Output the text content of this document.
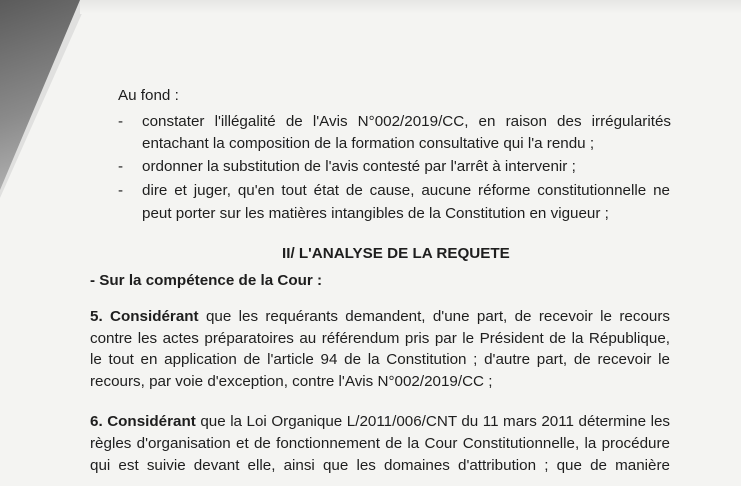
Au fond :
- constater l'illégalité de l'Avis N°002/2019/CC, en raison des irrégularités
entachant la composition de la formation consultative qui l'a rendu ;
- ordonner la substitution de l'avis contesté par l'arrêt à intervenir ;
- dire et juger, qu'en tout état de cause, aucune réforme constitutionnelle ne
peut porter sur les matières intangibles de la Constitution en vigueur ;
II/ L'ANALYSE DE LA REQUETE
- Sur la compétence de la Cour :
5. Considérant que les requérants demandent, d'une part, de recevoir le recours
contre les actes préparatoires au référendum pris par le Président de la République,
le tout en application de l'article 94 de la Constitution ; d'autre part, de recevoir le
recours, par voie d'exception, contre l'Avis N°002/2019/CC ;
6. Considérant que la Loi Organique L/2011/006/CNT du 11 mars 2011 détermine les
règles d'organisation et de fonctionnement de la Cour Constitutionnelle, la procédure
qui est suivie devant elle, ainsi que les domaines d'attribution ; que de manière
